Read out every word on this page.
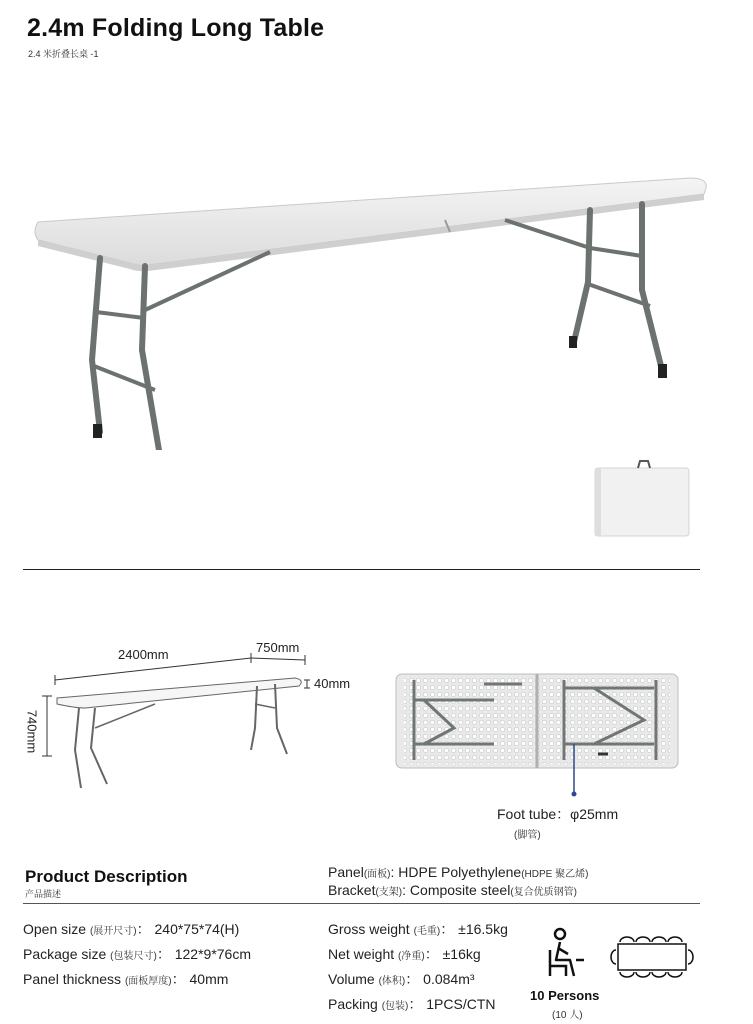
2.4m Folding Long Table
2.4 米折叠长桌 -1
2400mm	750mm
40mm
740mm
Foot tube：φ25mm
(脚管)
Product Description
产品描述
Panel(面板): HDPE Polyethylene(HDPE 聚乙烯)
Bracket(支架): Composite steel(复合优质钢管)
Open size (展开尺寸)： 240*75*74(H)
Package size (包装尺寸)： 122*9*76cm
Panel thickness (面板厚度)： 40mm
Gross weight (毛重)： ±16.5kg
Net weight (净重)： ±16kg
Volume (体积)： 0.084m³
Packing (包装)： 1PCS/CTN
10 Persons
(10 人)
